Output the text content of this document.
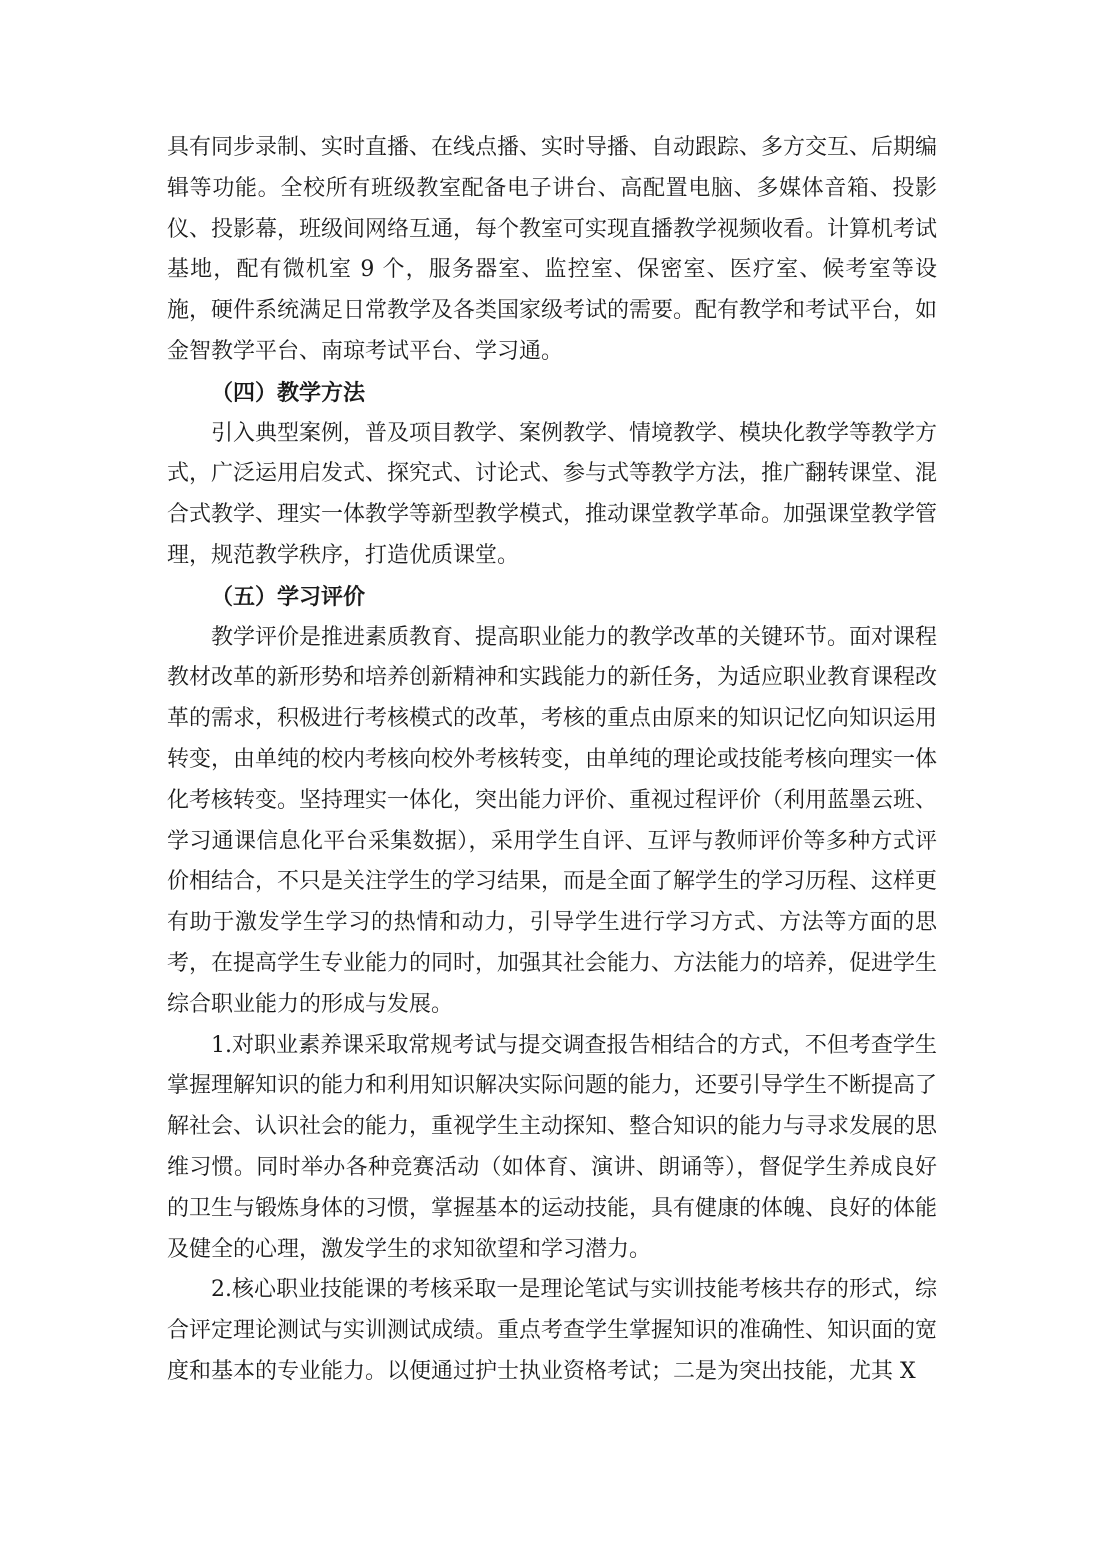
具有同步录制、实时直播、在线点播、实时导播、自动跟踪、多方交互、后期编辑等功能。全校所有班级教室配备电子讲台、高配置电脑、多媒体音箱、投影仪、投影幕，班级间网络互通，每个教室可实现直播教学视频收看。计算机考试基地，配有微机室 9 个，服务器室、监控室、保密室、医疗室、候考室等设施，硬件系统满足日常教学及各类国家级考试的需要。配有教学和考试平台，如金智教学平台、南琼考试平台、学习通。

（四）教学方法

引入典型案例，普及项目教学、案例教学、情境教学、模块化教学等教学方式，广泛运用启发式、探究式、讨论式、参与式等教学方法，推广翻转课堂、混合式教学、理实一体教学等新型教学模式，推动课堂教学革命。加强课堂教学管理，规范教学秩序，打造优质课堂。

（五）学习评价

教学评价是推进素质教育、提高职业能力的教学改革的关键环节。面对课程教材改革的新形势和培养创新精神和实践能力的新任务，为适应职业教育课程改革的需求，积极进行考核模式的改革，考核的重点由原来的知识记忆向知识运用转变，由单纯的校内考核向校外考核转变，由单纯的理论或技能考核向理实一体化考核转变。坚持理实一体化，突出能力评价、重视过程评价（利用蓝墨云班、学习通课信息化平台采集数据），采用学生自评、互评与教师评价等多种方式评价相结合，不只是关注学生的学习结果，而是全面了解学生的学习历程、这样更有助于激发学生学习的热情和动力，引导学生进行学习方式、方法等方面的思考，在提高学生专业能力的同时，加强其社会能力、方法能力的培养，促进学生综合职业能力的形成与发展。

1.对职业素养课采取常规考试与提交调查报告相结合的方式，不但考查学生掌握理解知识的能力和利用知识解决实际问题的能力，还要引导学生不断提高了解社会、认识社会的能力，重视学生主动探知、整合知识的能力与寻求发展的思维习惯。同时举办各种竞赛活动（如体育、演讲、朗诵等），督促学生养成良好的卫生与锻炼身体的习惯，掌握基本的运动技能，具有健康的体魄、良好的体能及健全的心理，激发学生的求知欲望和学习潜力。

2.核心职业技能课的考核采取一是理论笔试与实训技能考核共存的形式，综合评定理论测试与实训测试成绩。重点考查学生掌握知识的准确性、知识面的宽度和基本的专业能力。以便通过护士执业资格考试；二是为突出技能，尤其 X
